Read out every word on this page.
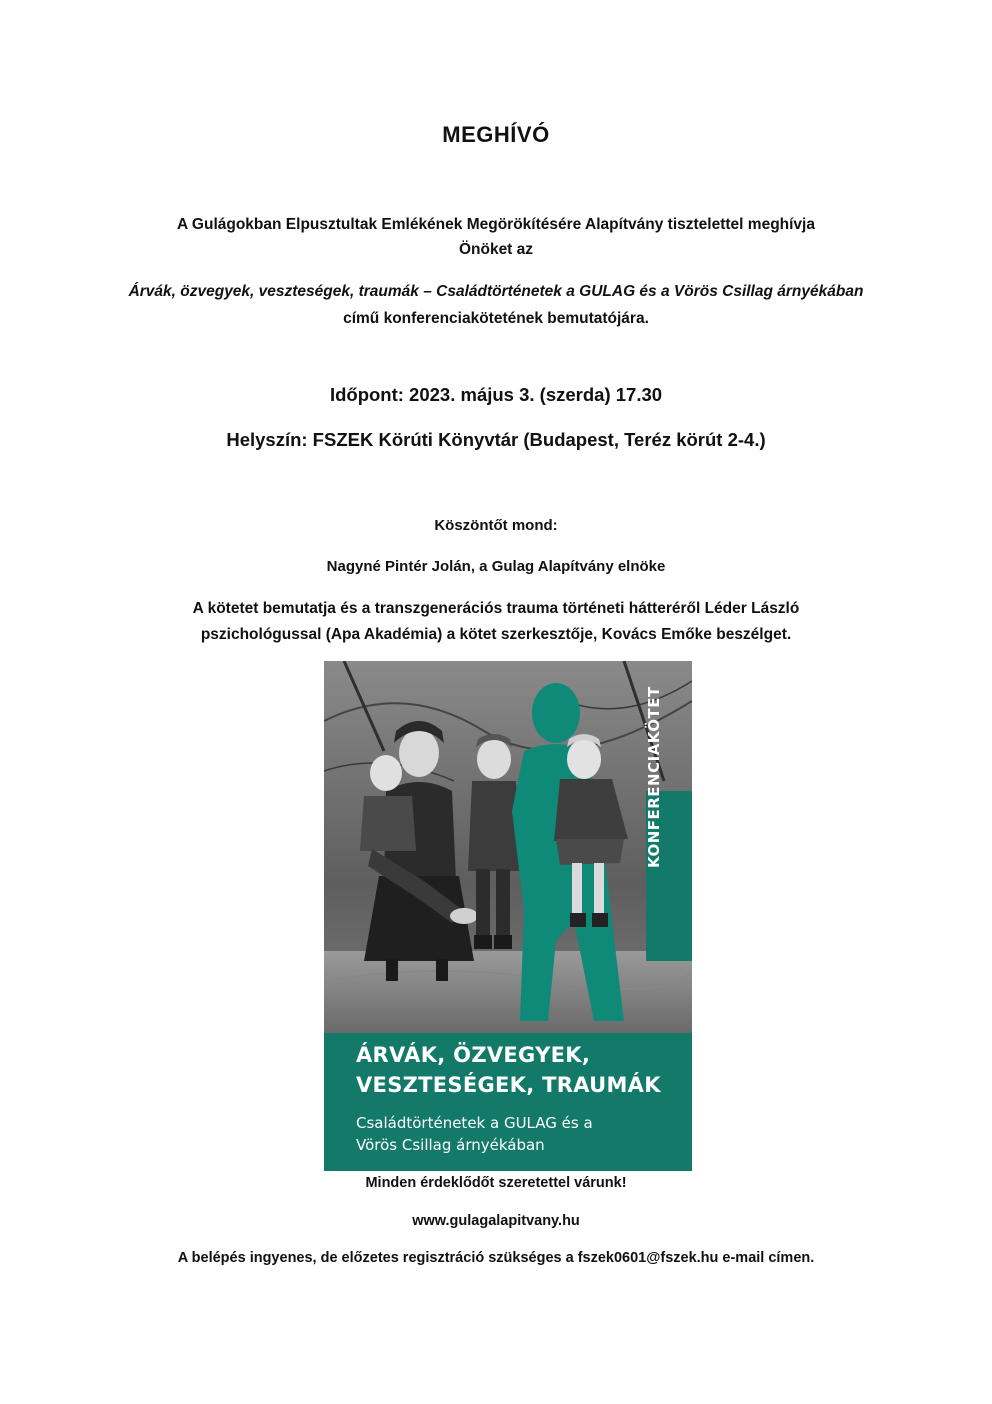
MEGHÍVÓ
A Gulágokban Elpusztultak Emlékének Megörökítésére Alapítvány tisztelettel meghívja
Önöket az
Árvák, özvegyek, veszteségek, traumák – Családtörténetek a GULAG és a Vörös Csillag árnyékában című konferenciakötetének bemutatójára.
Időpont: 2023. május 3. (szerda) 17.30
Helyszín: FSZEK Körúti Könyvtár (Budapest, Teréz körút 2-4.)
Köszöntőt mond:
Nagyné Pintér Jolán, a Gulag Alapítvány elnöke
A kötetet bemutatja és a transzgenerációs trauma történeti hátteréről Léder László
pszichológussal (Apa Akadémia) a kötet szerkesztője, Kovács Emőke beszélget.
KONFERENCIAKÖTET
ÁRVÁK, ÖZVEGYEK,
VESZTESÉGEK, TRAUMÁK
Családtörténetek a GULAG és a
Vörös Csillag árnyékában
Minden érdeklődőt szeretettel várunk!
www.gulagalapitvany.hu
A belépés ingyenes, de előzetes regisztráció szükséges a fszek0601@fszek.hu e-mail címen.
